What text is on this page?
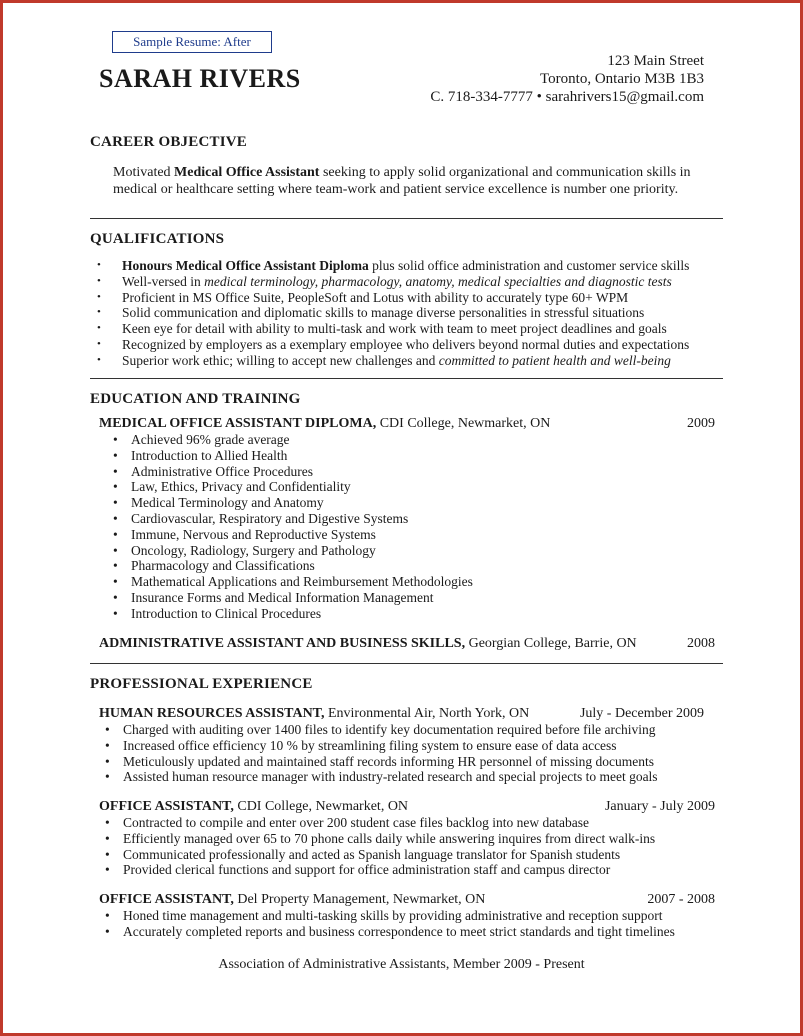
Sample Resume: After
SARAH RIVERS
123 Main Street
Toronto, Ontario M3B 1B3
C. 718-334-7777 • sarahrivers15@gmail.com
CAREER OBJECTIVE
Motivated Medical Office Assistant seeking to apply solid organizational and communication skills in medical or healthcare setting where team-work and patient service excellence is number one priority.
QUALIFICATIONS
• Honours Medical Office Assistant Diploma plus solid office administration and customer service skills
• Well-versed in medical terminology, pharmacology, anatomy, medical specialties and diagnostic tests
• Proficient in MS Office Suite, PeopleSoft and Lotus with ability to accurately type 60+ WPM
• Solid communication and diplomatic skills to manage diverse personalities in stressful situations
• Keen eye for detail with ability to multi-task and work with team to meet project deadlines and goals
• Recognized by employers as a exemplary employee who delivers beyond normal duties and expectations
• Superior work ethic; willing to accept new challenges and committed to patient health and well-being
EDUCATION AND TRAINING
MEDICAL OFFICE ASSISTANT DIPLOMA, CDI College, Newmarket, ON	2009
• Achieved 96% grade average
• Introduction to Allied Health
• Administrative Office Procedures
• Law, Ethics, Privacy and Confidentiality
• Medical Terminology and Anatomy
• Cardiovascular, Respiratory and Digestive Systems
• Immune, Nervous and Reproductive Systems
• Oncology, Radiology, Surgery and Pathology
• Pharmacology and Classifications
• Mathematical Applications and Reimbursement Methodologies
• Insurance Forms and Medical Information Management
• Introduction to Clinical Procedures
ADMINISTRATIVE ASSISTANT AND BUSINESS SKILLS, Georgian College, Barrie, ON	2008
PROFESSIONAL EXPERIENCE
HUMAN RESOURCES ASSISTANT, Environmental Air, North York, ON	July - December 2009
• Charged with auditing over 1400 files to identify key documentation required before file archiving
• Increased office efficiency 10 % by streamlining filing system to ensure ease of data access
• Meticulously updated and maintained staff records informing HR personnel of missing documents
• Assisted human resource manager with industry-related research and special projects to meet goals
OFFICE ASSISTANT, CDI College, Newmarket, ON	January - July 2009
• Contracted to compile and enter over 200 student case files backlog into new database
• Efficiently managed over 65 to 70 phone calls daily while answering inquires from direct walk-ins
• Communicated professionally and acted as Spanish language translator for Spanish students
• Provided clerical functions and support for office administration staff and campus director
OFFICE ASSISTANT, Del Property Management, Newmarket, ON	2007 - 2008
• Honed time management and multi-tasking skills by providing administrative and reception support
• Accurately completed reports and business correspondence to meet strict standards and tight timelines
Association of Administrative Assistants, Member 2009 - Present
